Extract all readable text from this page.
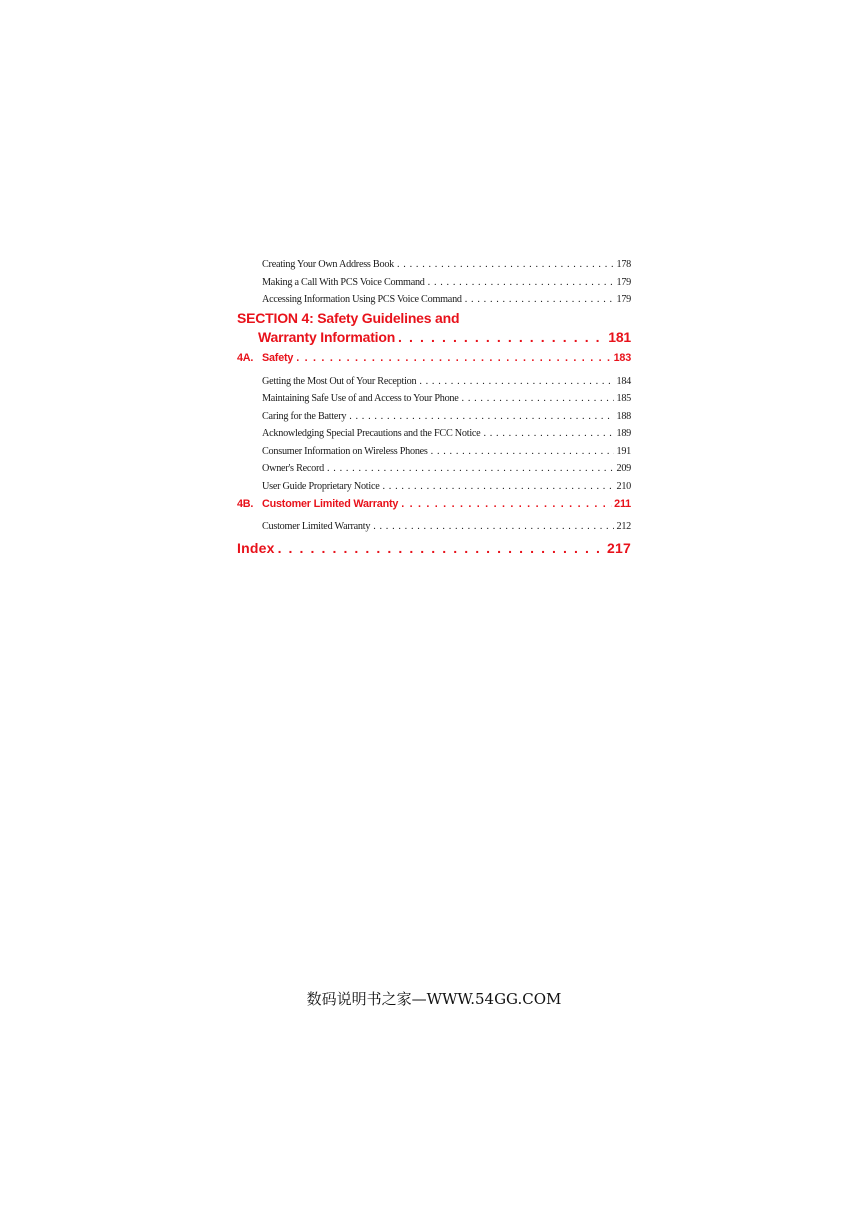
Creating Your Own Address Book . . .	178
Making a Call With PCS Voice Command . . .	179
Accessing Information Using PCS Voice Command . . .	179
SECTION 4: Safety Guidelines and
Warranty Information . . .	181
4A. Safety . . .	183
Getting the Most Out of Your Reception . . .	184
Maintaining Safe Use of and Access to Your Phone . . .	185
Caring for the Battery . . .	188
Acknowledging Special Precautions and the FCC Notice . . .	189
Consumer Information on Wireless Phones . . .	191
Owner's Record . . .	209
User Guide Proprietary Notice . . .	210
4B. Customer Limited Warranty . . .	211
Customer Limited Warranty . . .	212
Index . . .	217
数码说明书之家—WWW.54GG.COM
